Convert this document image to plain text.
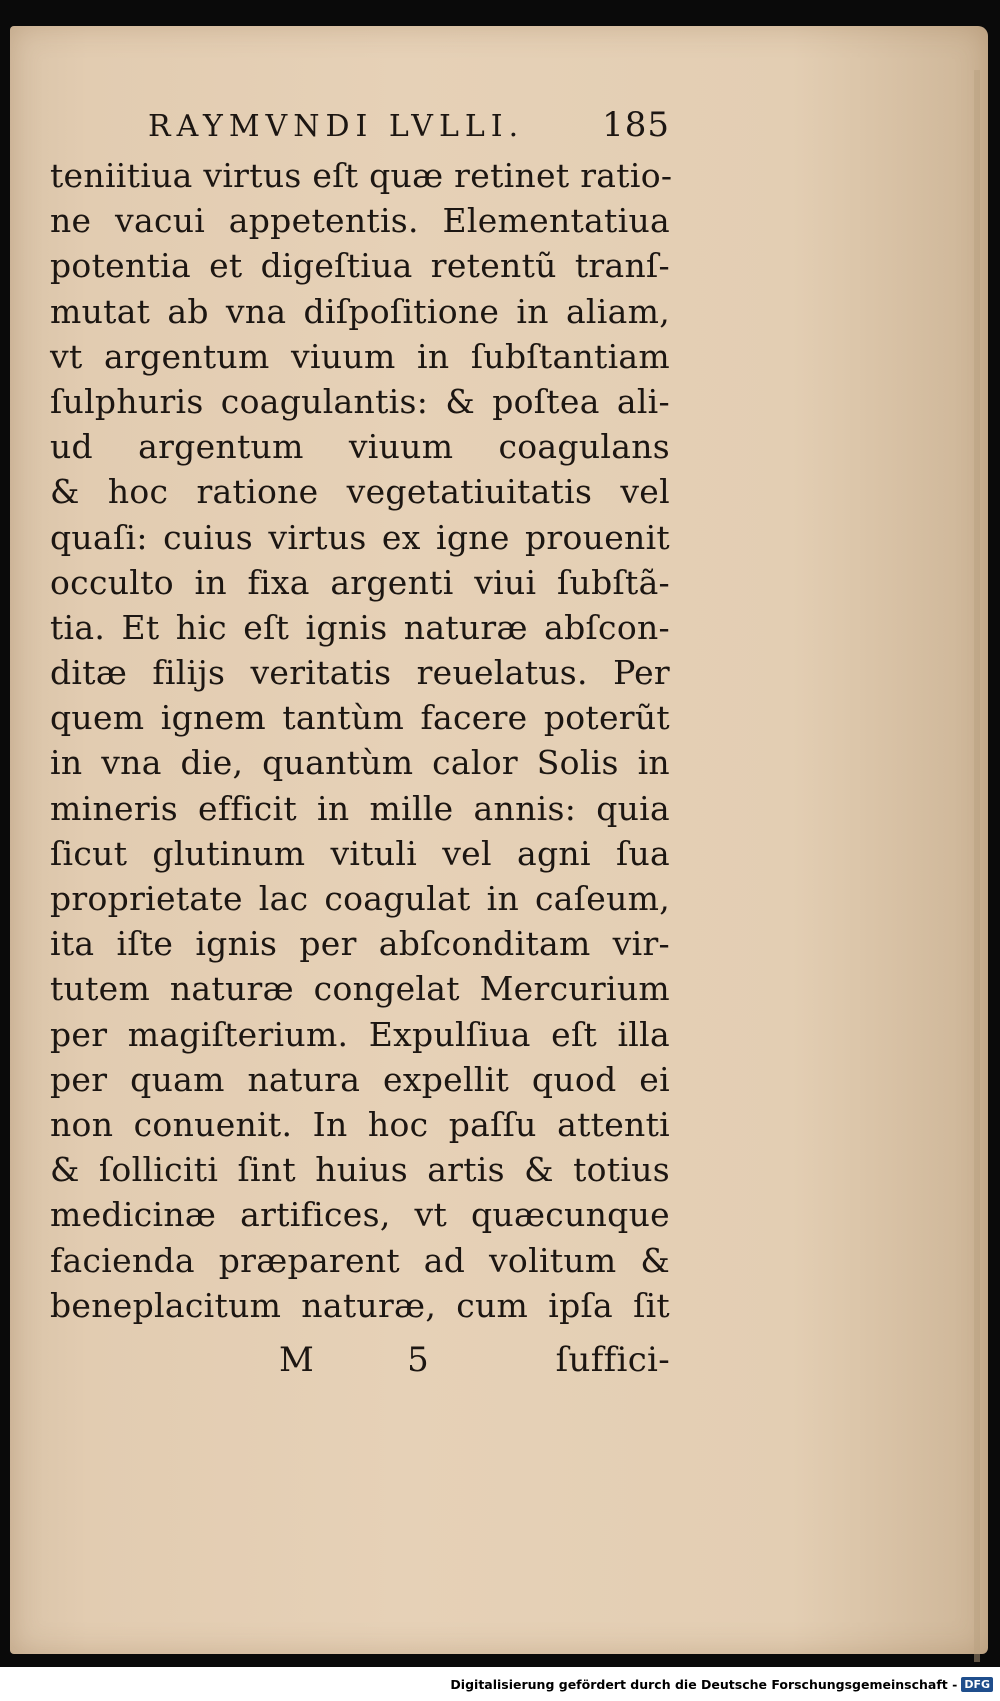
RAYMVNDI LVLLI. 185
teniitiua virtus eſt quæ retinet ratio-
ne vacui appetentis. Elementatiua
potentia et digeſtiua retentũ tranſ-
mutat ab vna diſpoſitione in aliam,
vt argentum viuum in ſubſtantiam
ſulphuris coagulantis: & poſtea ali-
ud argentum viuum coagulans
& hoc ratione vegetatiuitatis vel
quaſi: cuius virtus ex igne prouenit
occulto in fixa argenti viui ſubſtã-
tia. Et hic eſt ignis naturæ abſcon-
ditæ filijs veritatis reuelatus. Per
quem ignem tantùm facere poterũt
in vna die, quantùm calor Solis in
mineris efficit in mille annis: quia
ſicut glutinum vituli vel agni ſua
proprietate lac coagulat in caſeum,
ita iſte ignis per abſconditam vir-
tutem naturæ congelat Mercurium
per magiſterium. Expulſiua eſt illa
per quam natura expellit quod ei
non conuenit. In hoc paſſu attenti
& ſolliciti ſint huius artis & totius
medicinæ artifices, vt quæcunque
facienda præparent ad volitum &
beneplacitum naturæ, cum ipſa ſit
M	5	ſuffici-
Digitalisierung gefördert durch die Deutsche Forschungsgemeinschaft - DFG
